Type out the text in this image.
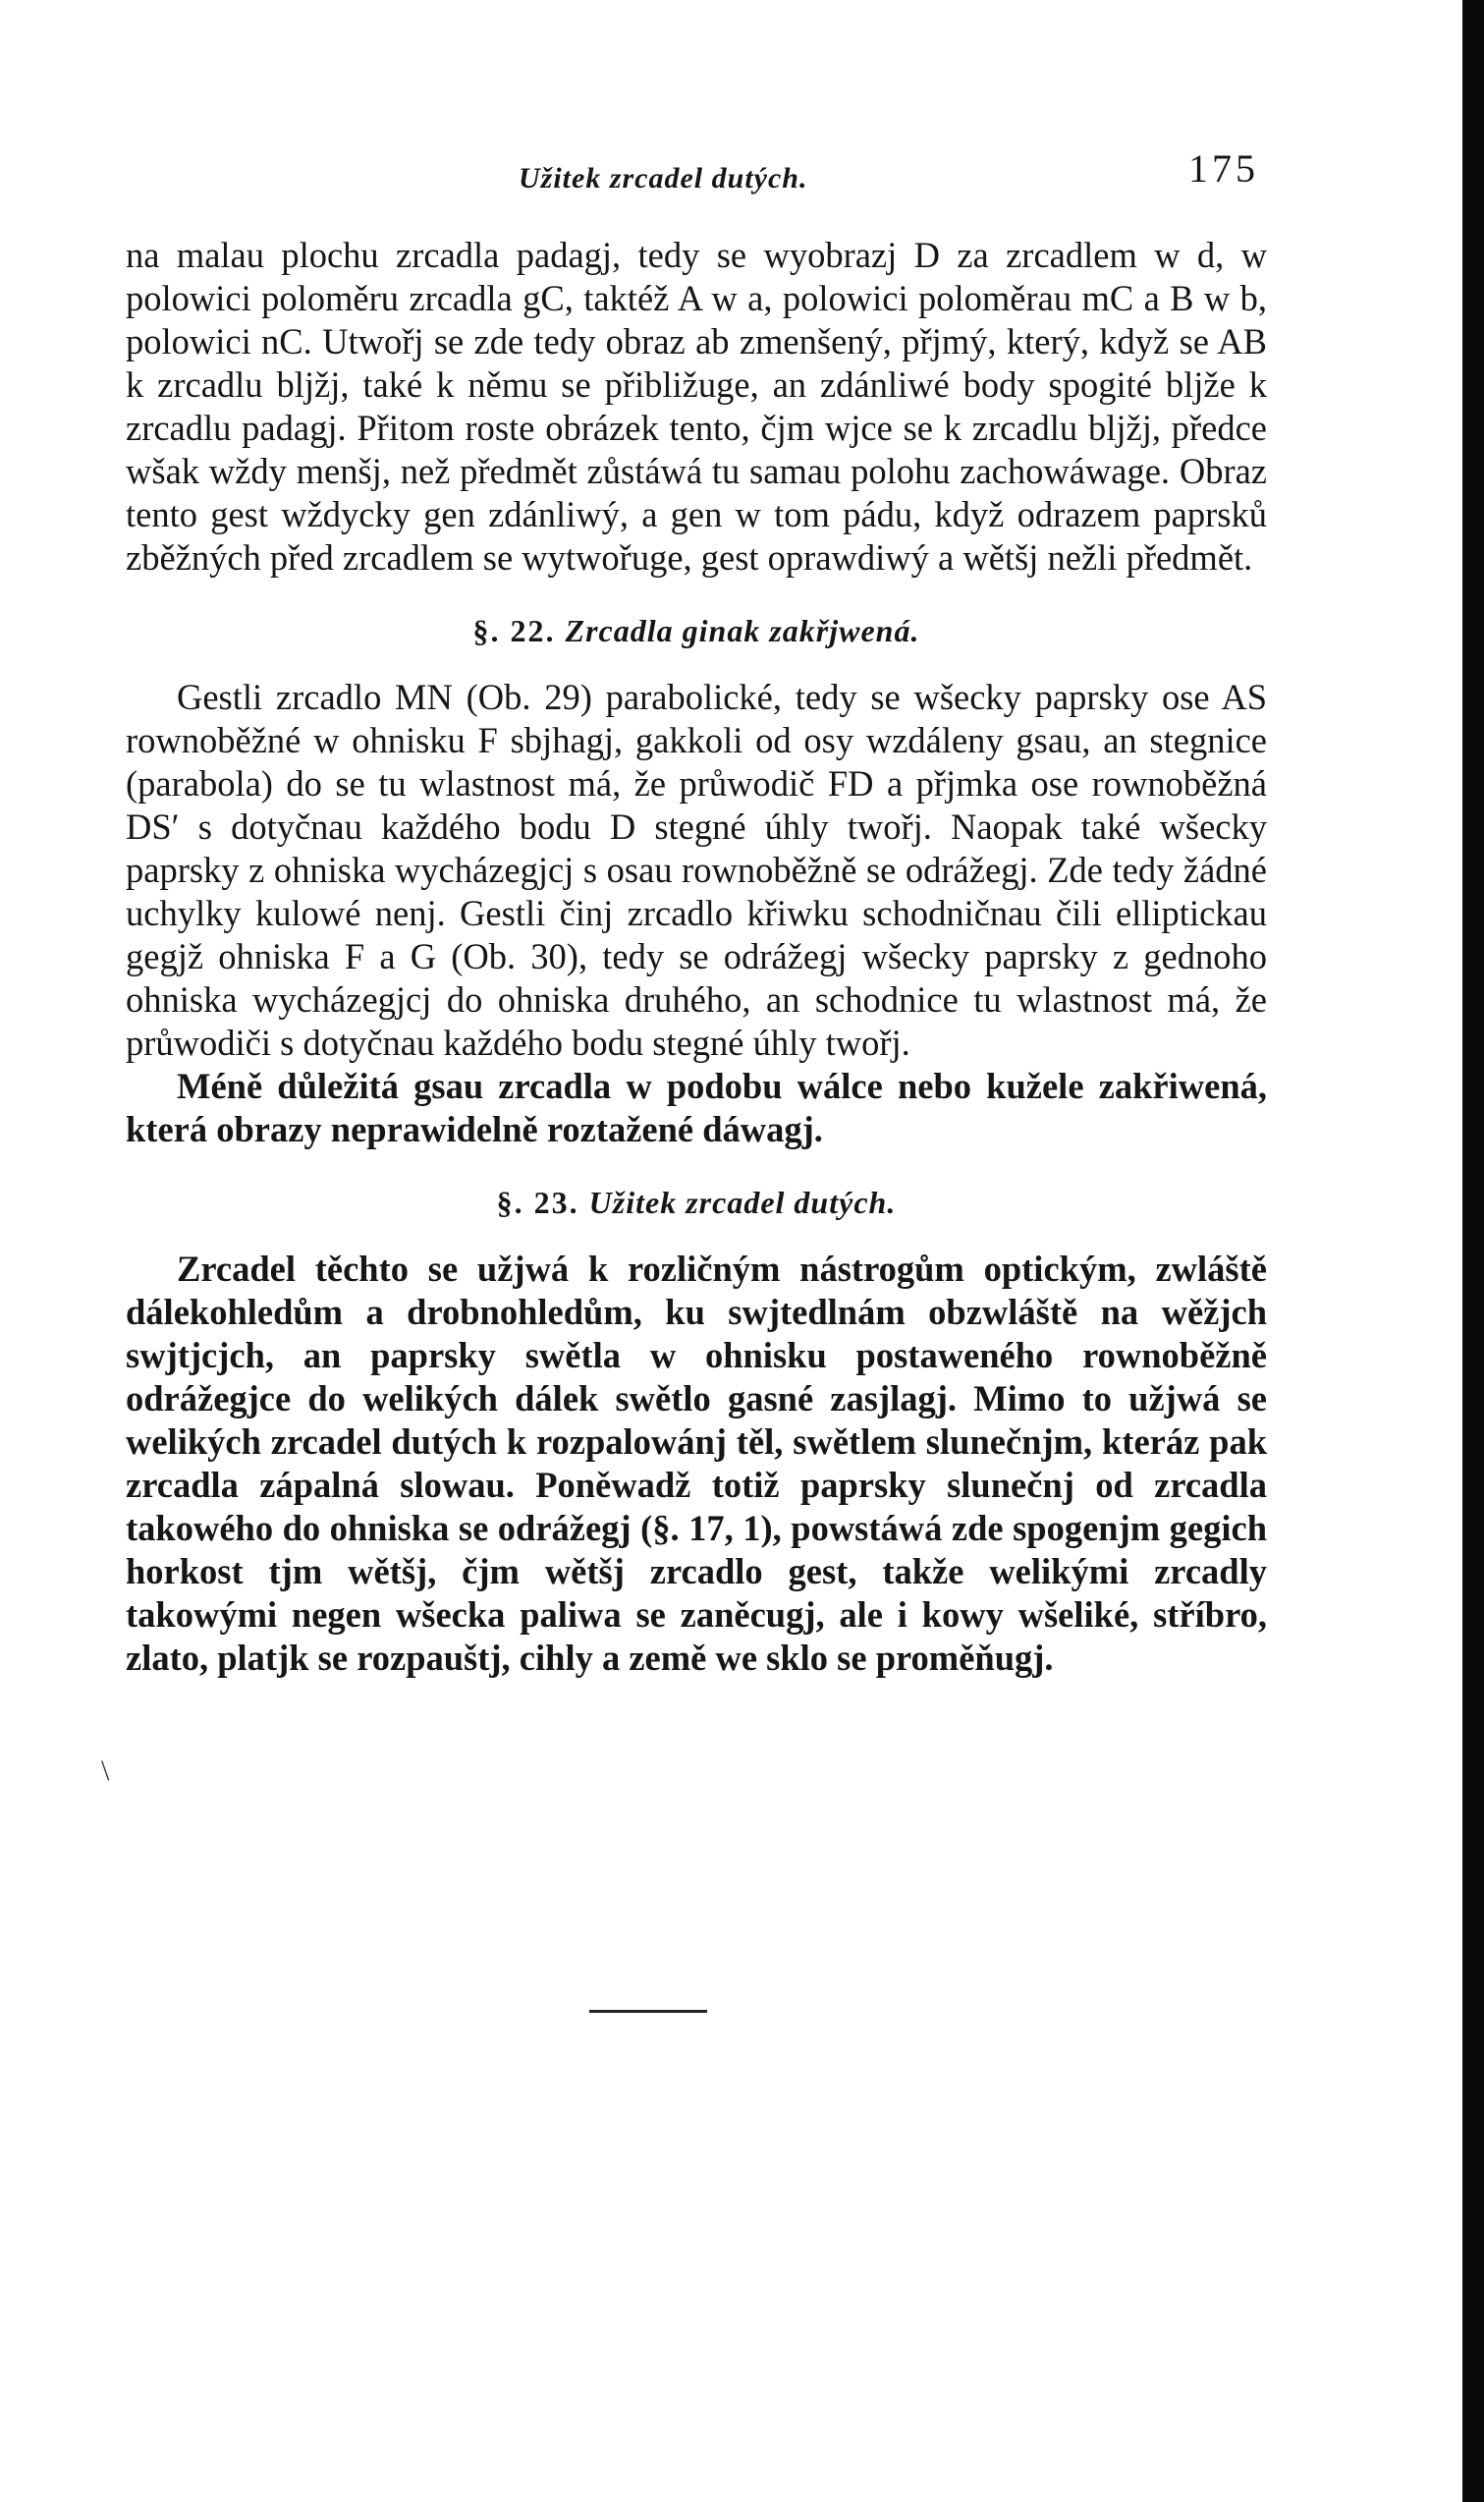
Užitek zrcadel dutých.	175

na malau plochu zrcadla padagj, tedy se wyobrazj D za zrcadlem w d, w polowici poloměru zrcadla gC, taktéž A w a, polowici poloměrau mC a B w b, polowici nC. Utwořj se zde tedy obraz ab zmenšený, přjmý, který, když se AB k zrcadlu bljžj, také k němu se přibližuge, an zdánliwé body spogité bljže k zrcadlu padagj. Přitom roste obrázek tento, čjm wjce se k zrcadlu bljžj, předce wšak wždy menšj, než předmět zůstáwá tu samau polohu zachowáwage. Obraz tento gest wždycky gen zdánliwý, a gen w tom pádu, když odrazem paprsků zběžných před zrcadlem se wytwořuge, gest oprawdiwý a wětšj nežli předmět.

§. 22. Zrcadla ginak zakřjwená.

Gestli zrcadlo MN (Ob. 29) parabolické, tedy se wšecky paprsky ose AS rownoběžné w ohnisku F sbjhagj, gakkoli od osy wzdáleny gsau, an stegnice (parabola) do se tu wlastnost má, že průwodič FD a přjmka ose rownoběžná DS′ s dotyčnau každého bodu D stegné úhly twořj. Naopak také wšecky paprsky z ohniska wycházegjcj s osau rownoběžně se odrážegj. Zde tedy žádné uchylky kulowé nenj. Gestli činj zrcadlo křiwku schodničnau čili elliptickau gegjž ohniska F a G (Ob. 30), tedy se odrážegj wšecky paprsky z gednoho ohniska wycházegjcj do ohniska druhého, an schodnice tu wlastnost má, že průwodiči s dotyčnau každého bodu stegné úhly twořj.

Méně důležitá gsau zrcadla w podobu wálce nebo kužele zakřiwená, která obrazy neprawidelně roztažené dáwagj.

§. 23. Užitek zrcadel dutých.

Zrcadel těchto se užjwá k rozličným nástrogům optickým, zwláště dálekohledům a drobnohledům, ku swjtedlnám obzwláště na wěžjch swjtjcjch, an paprsky swětla w ohnisku postaweného rownoběžně odrážegjce do welikých dálek swětlo gasné zasjlagj. Mimo to užjwá se welikých zrcadel dutých k rozpalowánj těl, swětlem slunečnjm, kteráz pak zrcadla zápalná slowau. Poněwadž totiž paprsky slunečnj od zrcadla takowého do ohniska se odrážegj (§. 17, 1), powstáwá zde spogenjm gegich horkost tjm wětšj, čjm wětšj zrcadlo gest, takže welikými zrcadly takowými negen wšecka paliwa se zaněcugj, ale i kowy wšeliké, stříbro, zlato, platjk se rozpauštj, cihly a země we sklo se proměňugj.

\
